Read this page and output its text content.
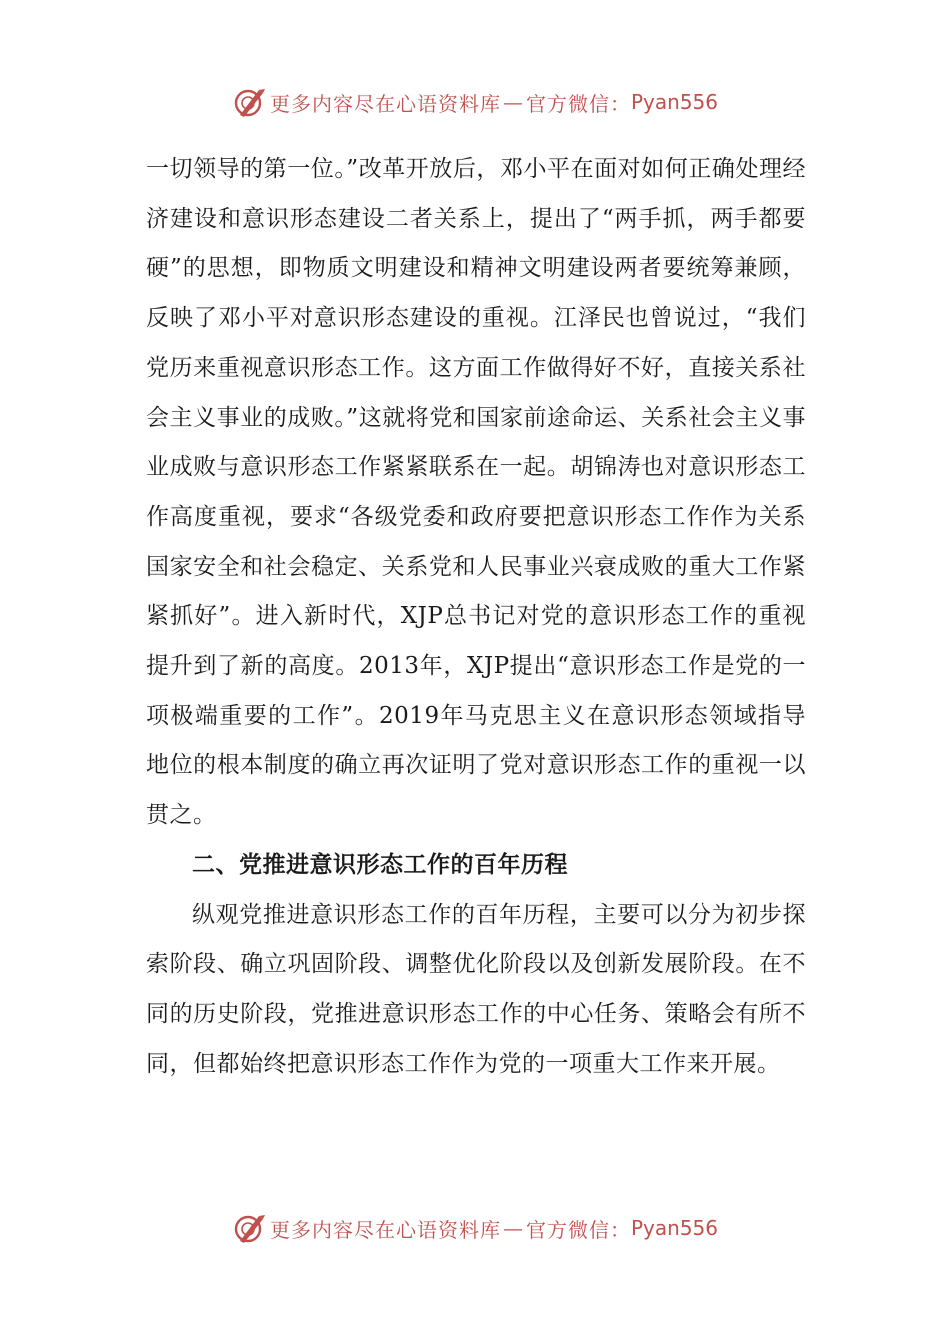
更多内容尽在心语资料库 — 官方微信： Pyan556

一切领导的第一位。”改革开放后，邓小平在面对如何正确处理经济建设和意识形态建设二者关系上，提出了“两手抓，两手都要硬”的思想，即物质文明建设和精神文明建设两者要统筹兼顾，反映了邓小平对意识形态建设的重视。江泽民也曾说过，“我们党历来重视意识形态工作。这方面工作做得好不好，直接关系社会主义事业的成败。”这就将党和国家前途命运、关系社会主义事业成败与意识形态工作紧紧联系在一起。胡锦涛也对意识形态工作高度重视，要求“各级党委和政府要把意识形态工作作为关系国家安全和社会稳定、关系党和人民事业兴衰成败的重大工作紧紧抓好”。进入新时代，XJP总书记对党的意识形态工作的重视提升到了新的高度。2013年，XJP提出“意识形态工作是党的一项极端重要的工作”。2019年马克思主义在意识形态领域指导地位的根本制度的确立再次证明了党对意识形态工作的重视一以贯之。

二、党推进意识形态工作的百年历程

纵观党推进意识形态工作的百年历程，主要可以分为初步探索阶段、确立巩固阶段、调整优化阶段以及创新发展阶段。在不同的历史阶段，党推进意识形态工作的中心任务、策略会有所不同，但都始终把意识形态工作作为党的一项重大工作来开展。

更多内容尽在心语资料库 — 官方微信： Pyan556
